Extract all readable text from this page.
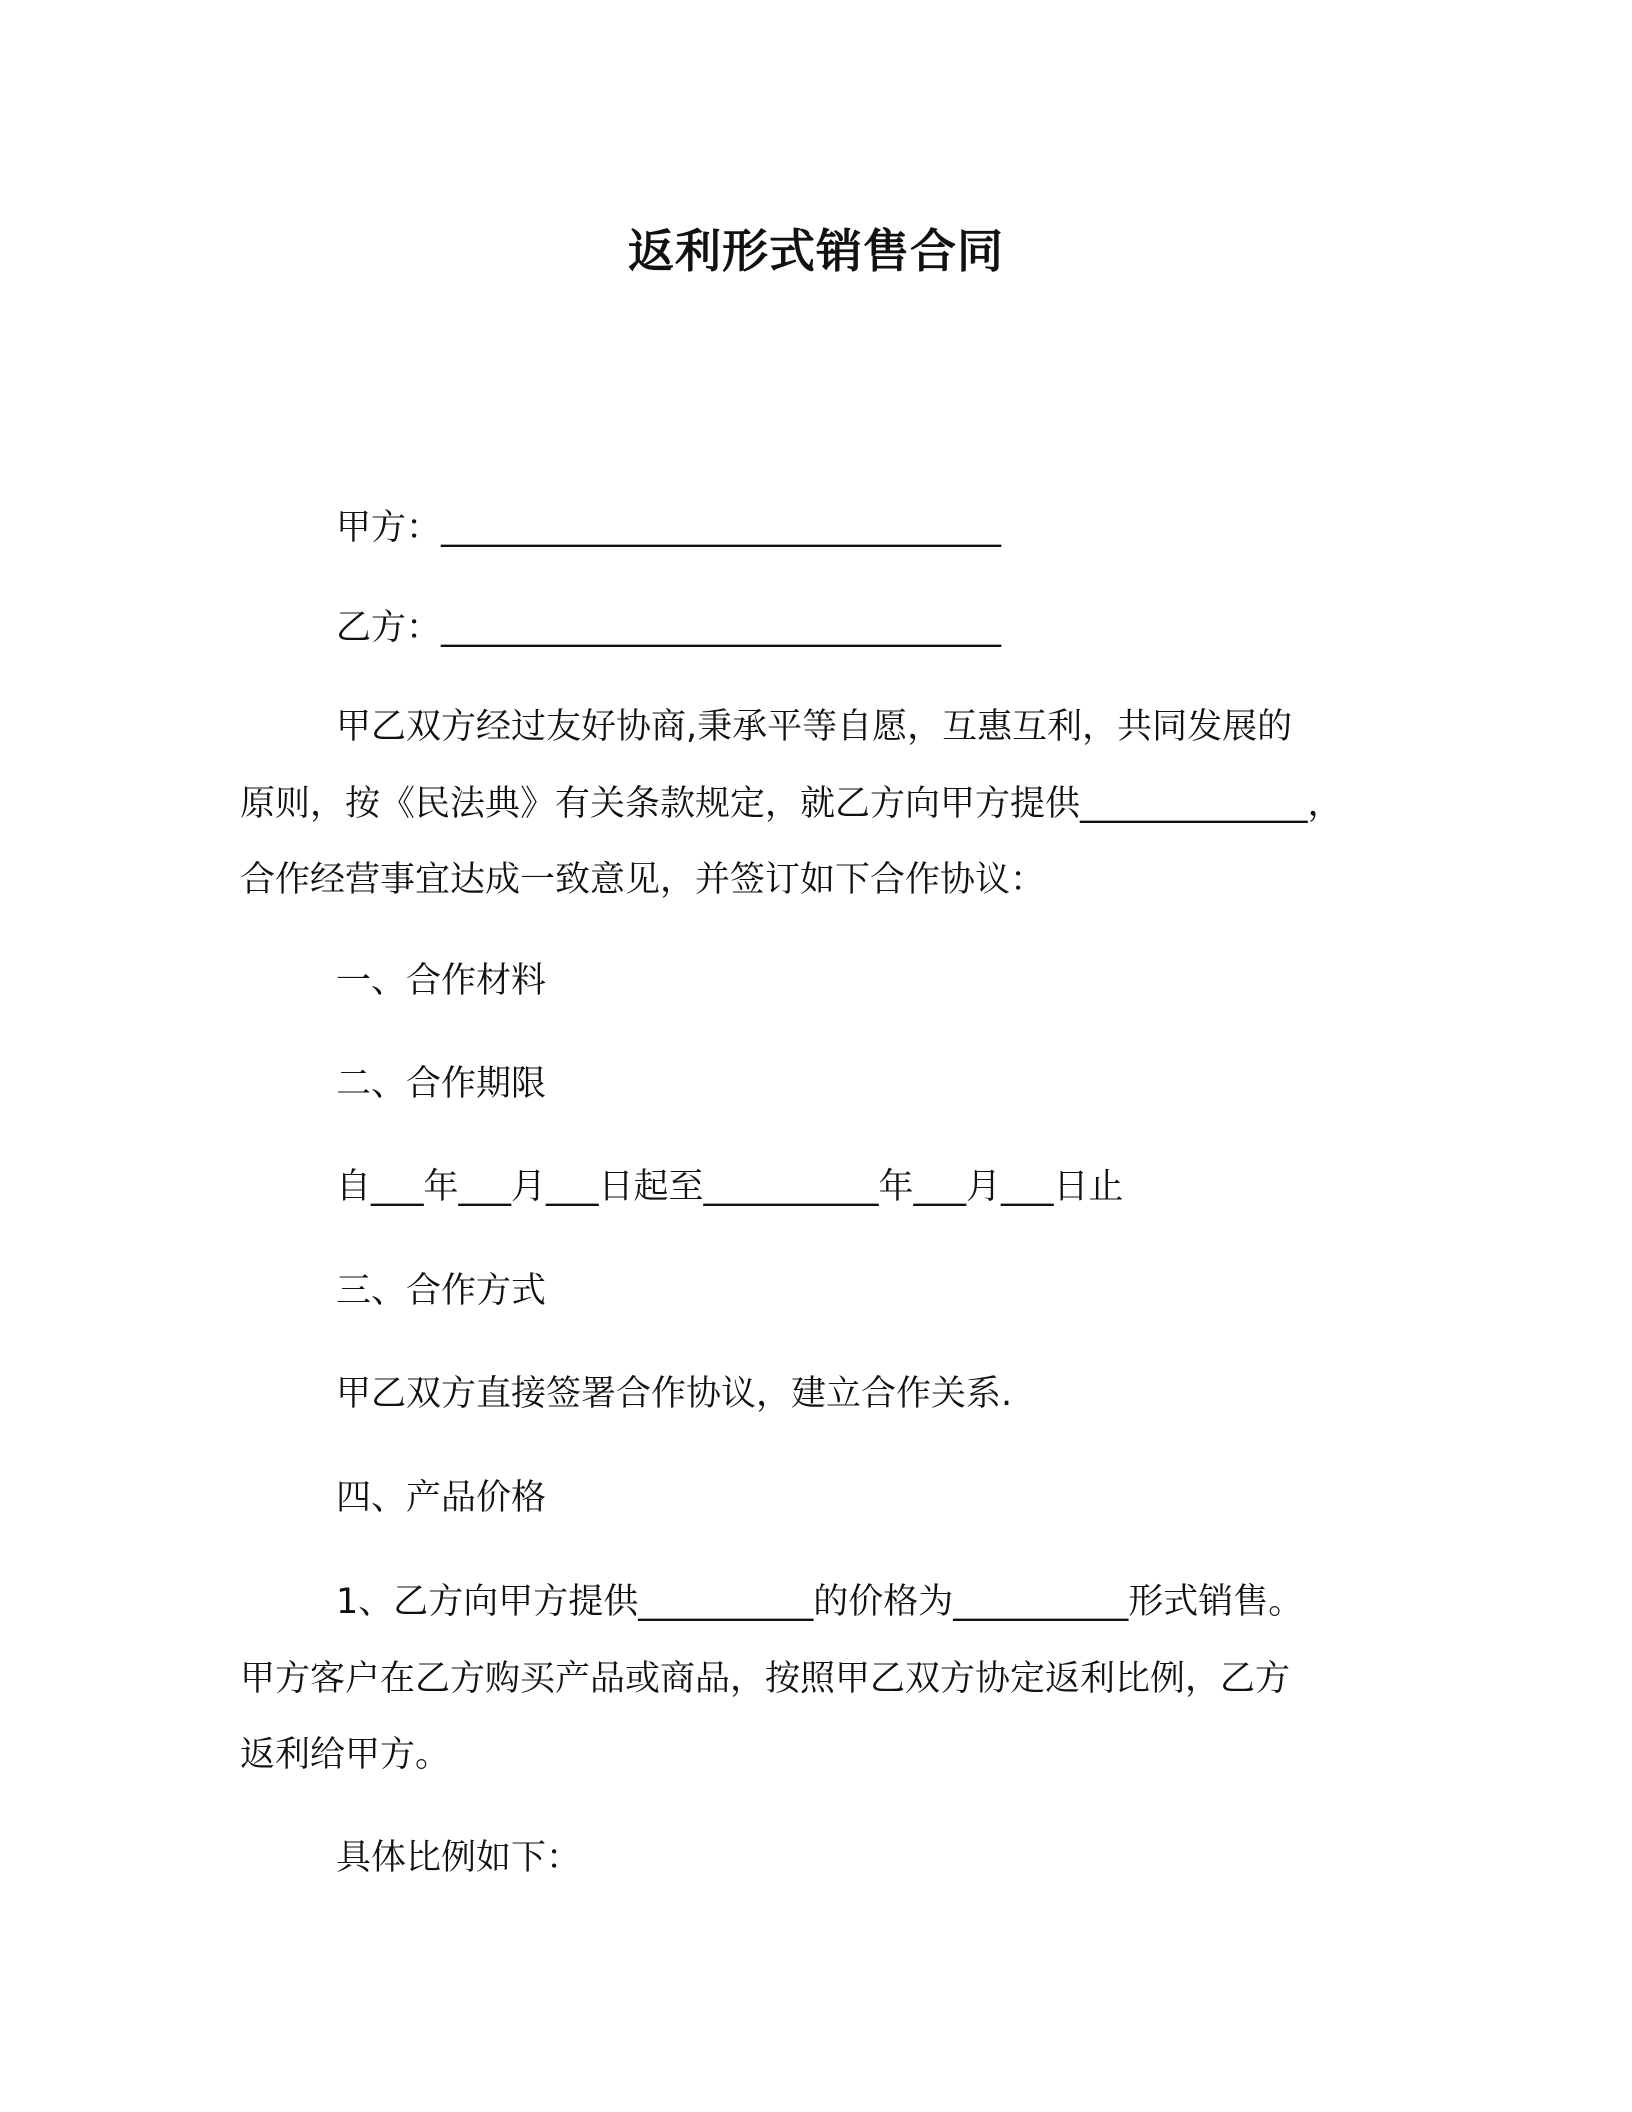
返利形式销售合同

甲方：________________________________

乙方：________________________________

甲乙双方经过友好协商,秉承平等自愿，互惠互利，共同发展的

原则，按《民法典》有关条款规定，就乙方向甲方提供_____________，

合作经营事宜达成一致意见，并签订如下合作协议：

一、合作材料

二、合作期限

自___年___月___日起至__________年___月___日止

三、合作方式

甲乙双方直接签署合作协议，建立合作关系.

四、产品价格

1、乙方向甲方提供__________的价格为__________形式销售。

甲方客户在乙方购买产品或商品，按照甲乙双方协定返利比例，乙方

返利给甲方。

具体比例如下：
